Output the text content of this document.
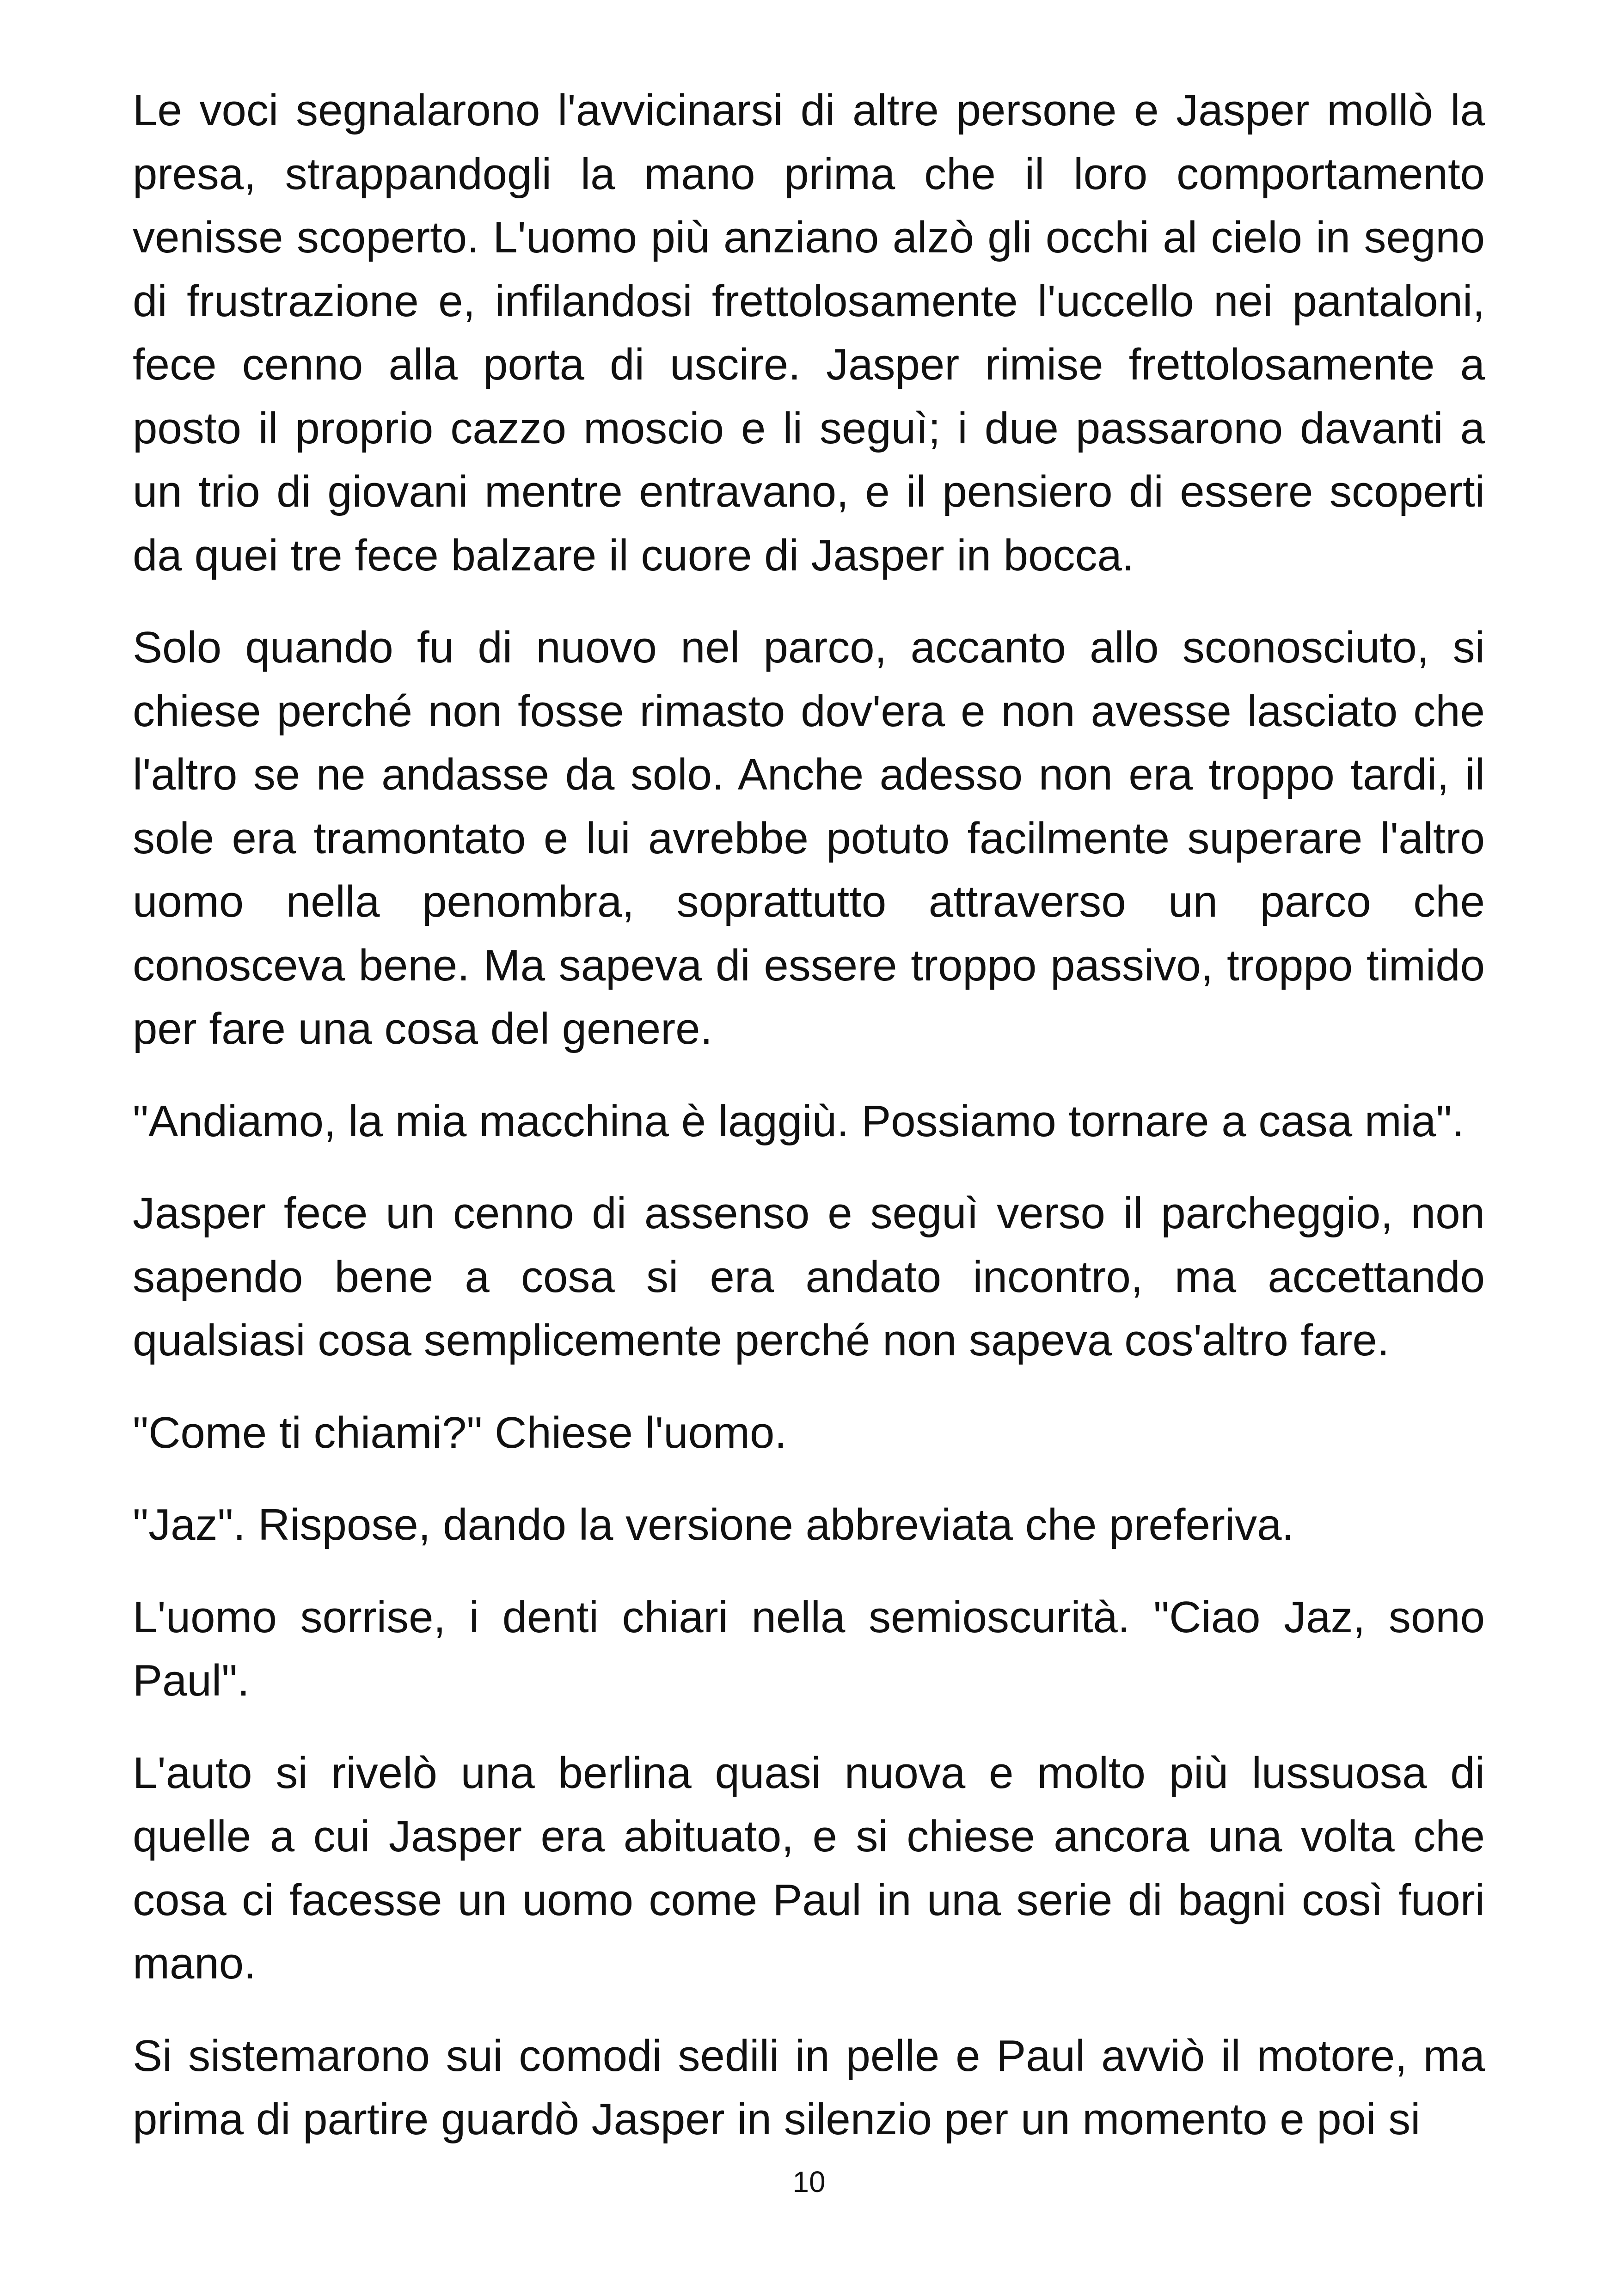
Le voci segnalarono l'avvicinarsi di altre persone e Jasper mollò la presa, strappandogli la mano prima che il loro comportamento venisse scoperto. L'uomo più anziano alzò gli occhi al cielo in segno di frustrazione e, infilandosi frettolosamente l'uccello nei pantaloni, fece cenno alla porta di uscire. Jasper rimise frettolosamente a posto il proprio cazzo moscio e li seguì; i due passarono davanti a un trio di giovani mentre entravano, e il pensiero di essere scoperti da quei tre fece balzare il cuore di Jasper in bocca.

Solo quando fu di nuovo nel parco, accanto allo sconosciuto, si chiese perché non fosse rimasto dov'era e non avesse lasciato che l'altro se ne andasse da solo. Anche adesso non era troppo tardi, il sole era tramontato e lui avrebbe potuto facilmente superare l'altro uomo nella penombra, soprattutto attraverso un parco che conosceva bene. Ma sapeva di essere troppo passivo, troppo timido per fare una cosa del genere.

"Andiamo, la mia macchina è laggiù. Possiamo tornare a casa mia".

Jasper fece un cenno di assenso e seguì verso il parcheggio, non sapendo bene a cosa si era andato incontro, ma accettando qualsiasi cosa semplicemente perché non sapeva cos'altro fare.

"Come ti chiami?" Chiese l'uomo.

"Jaz". Rispose, dando la versione abbreviata che preferiva.

L'uomo sorrise, i denti chiari nella semioscurità. "Ciao Jaz, sono Paul".

L'auto si rivelò una berlina quasi nuova e molto più lussuosa di quelle a cui Jasper era abituato, e si chiese ancora una volta che cosa ci facesse un uomo come Paul in una serie di bagni così fuori mano.

Si sistemarono sui comodi sedili in pelle e Paul avviò il motore, ma prima di partire guardò Jasper in silenzio per un momento e poi si

10
